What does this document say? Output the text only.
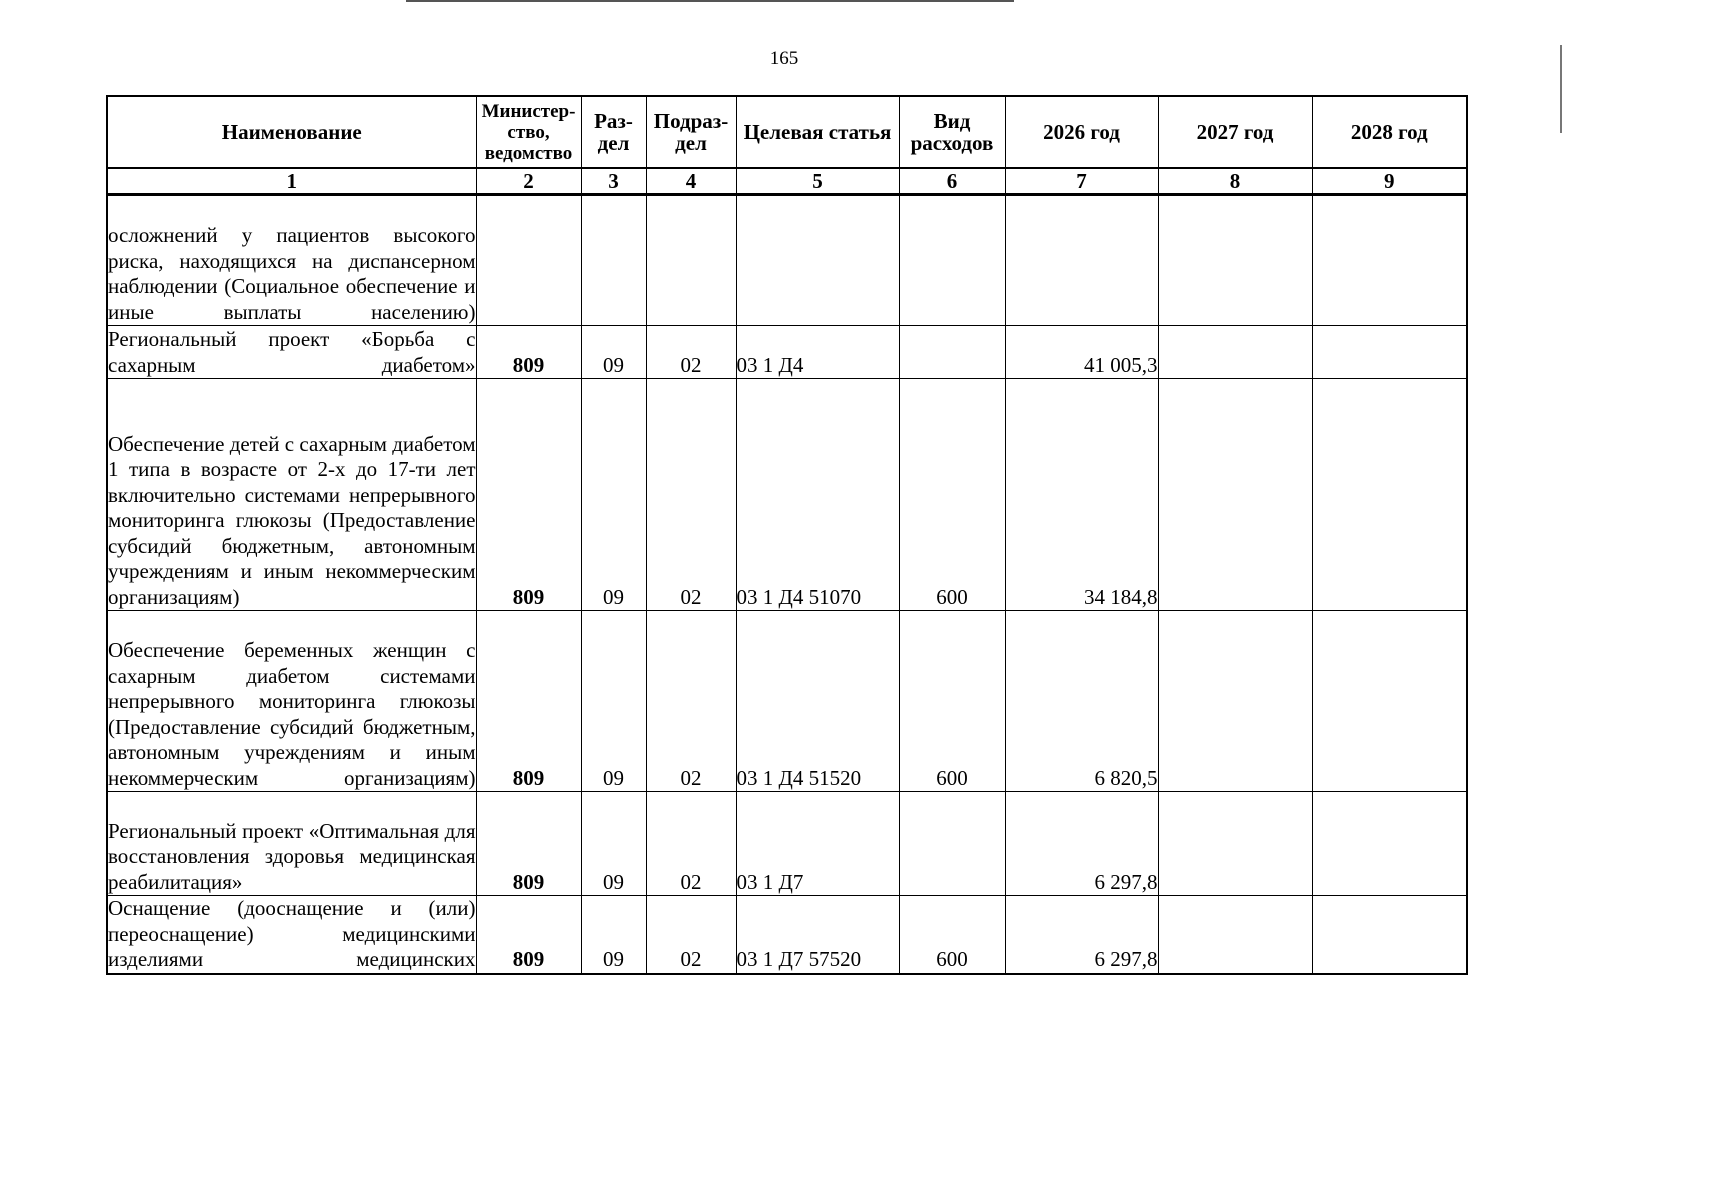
165
Наименование	Министер-ство, ведомство	Раз-дел	Подраз-дел	Целевая статья	Вид расходов	2026 год	2027 год	2028 год
1	2	3	4	5	6	7	8	9
осложнений у пациентов высокого риска, находящихся на диспансерном наблюдении (Социальное обеспечение и иные выплаты населению)								
Региональный проект «Борьба с сахарным диабетом»	809	09	02	03 1 Д4		41 005,3		
Обеспечение детей с сахарным диабетом 1 типа в возрасте от 2-х до 17-ти лет включительно системами непрерывного мониторинга глюкозы (Предоставление субсидий бюджетным, автономным учреждениям и иным некоммерческим организациям)	809	09	02	03 1 Д4 51070	600	34 184,8		
Обеспечение беременных женщин с сахарным диабетом системами непрерывного мониторинга глюкозы (Предоставление субсидий бюджетным, автономным учреждениям и иным некоммерческим организациям)	809	09	02	03 1 Д4 51520	600	6 820,5		
Региональный проект «Оптимальная для восстановления здоровья медицинская реабилитация»	809	09	02	03 1 Д7		6 297,8		
Оснащение (дооснащение и (или) переоснащение) медицинскими изделиями медицинских	809	09	02	03 1 Д7 57520	600	6 297,8		
